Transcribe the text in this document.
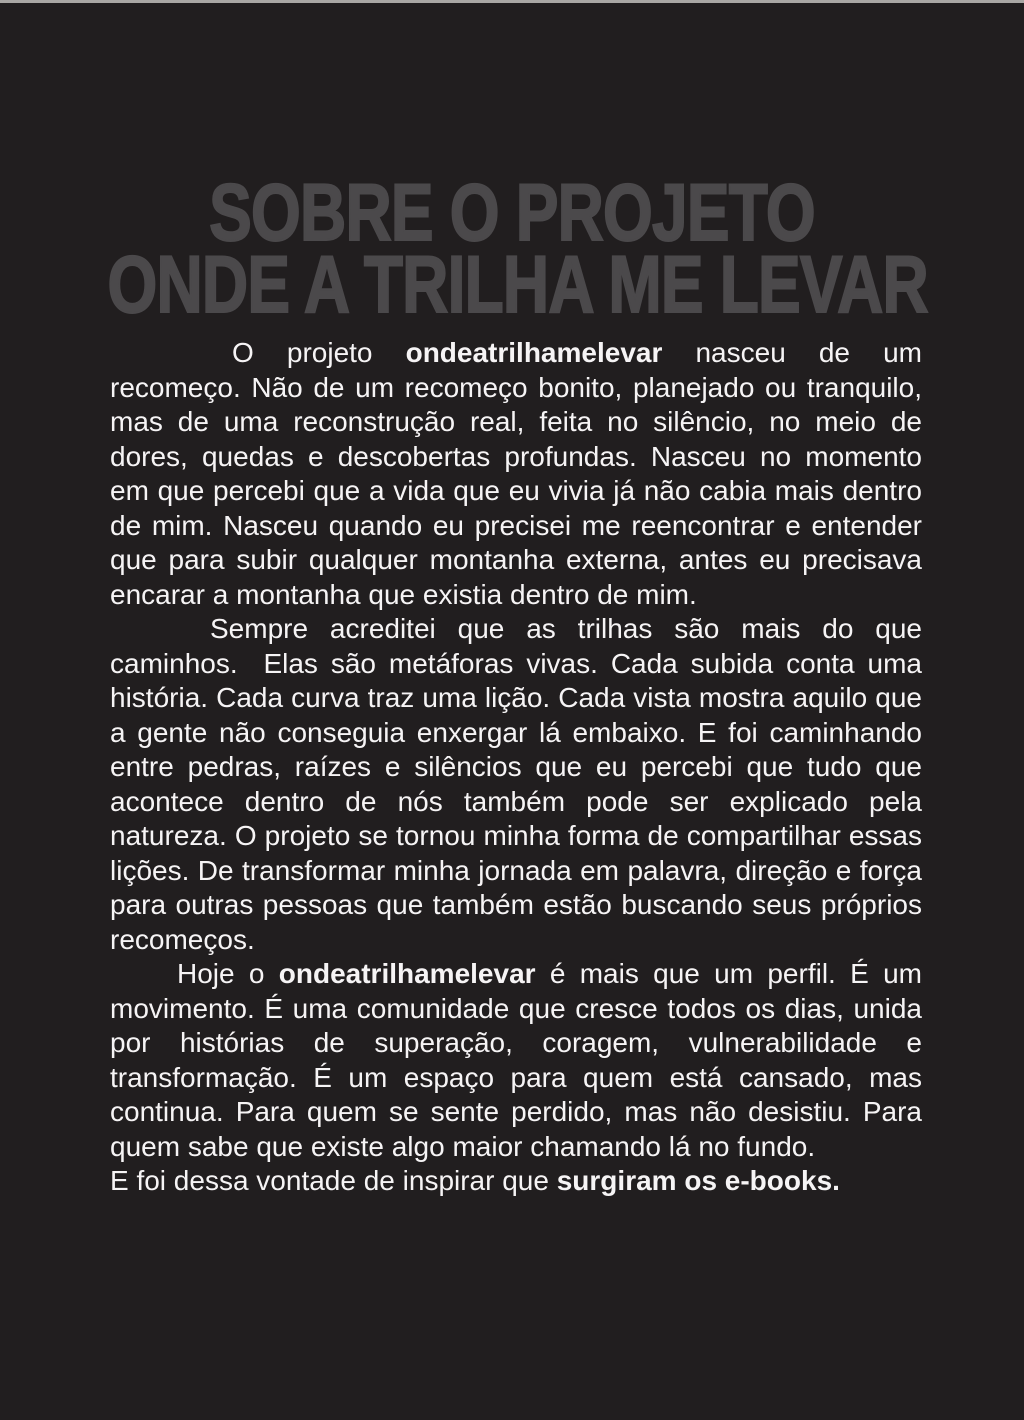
SOBRE O PROJETO
ONDE A TRILHA ME LEVAR

O projeto ondeatrilhamelevar nasceu de um recomeço. Não de um recomeço bonito, planejado ou tranquilo, mas de uma reconstrução real, feita no silêncio, no meio de dores, quedas e descobertas profundas. Nasceu no momento em que percebi que a vida que eu vivia já não cabia mais dentro de mim. Nasceu quando eu precisei me reencontrar e entender que para subir qualquer montanha externa, antes eu precisava encarar a montanha que existia dentro de mim.

Sempre acreditei que as trilhas são mais do que caminhos.  Elas são metáforas vivas. Cada subida conta uma história. Cada curva traz uma lição. Cada vista mostra aquilo que a gente não conseguia enxergar lá embaixo. E foi caminhando entre pedras, raízes e silêncios que eu percebi que tudo que acontece dentro de nós também pode ser explicado pela natureza. O projeto se tornou minha forma de compartilhar essas lições. De transformar minha jornada em palavra, direção e força para outras pessoas que também estão buscando seus próprios recomeços.

Hoje o ondeatrilhamelevar é mais que um perfil. É um movimento. É uma comunidade que cresce todos os dias, unida por histórias de superação, coragem, vulnerabilidade e transformação. É um espaço para quem está cansado, mas continua. Para quem se sente perdido, mas não desistiu. Para quem sabe que existe algo maior chamando lá no fundo.

E foi dessa vontade de inspirar que surgiram os e-books.
